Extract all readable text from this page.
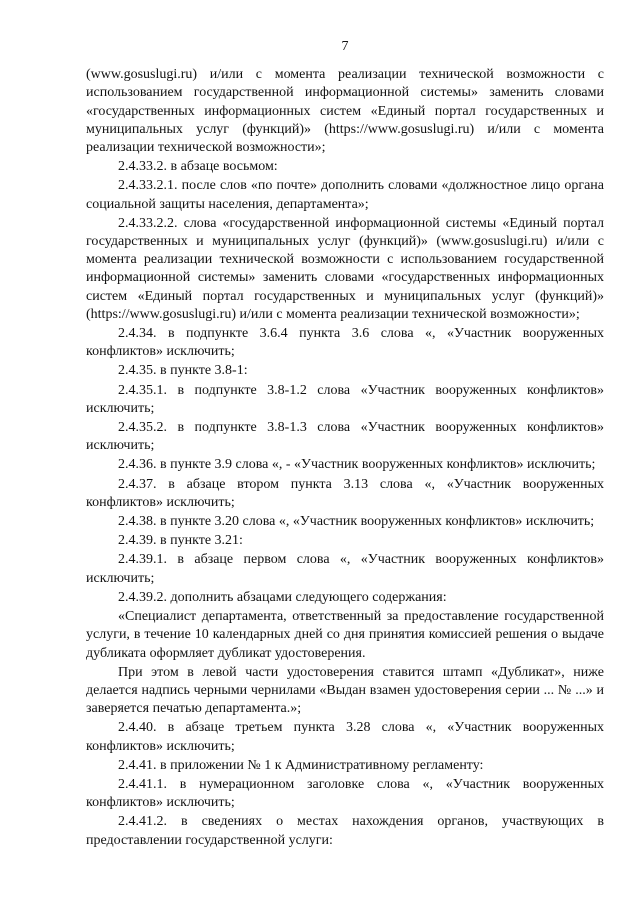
7

(www.gosuslugi.ru) и/или с момента реализации технической возможности с использованием государственной информационной системы» заменить словами «государственных информационных систем «Единый портал государственных и муниципальных услуг (функций)» (https://www.gosuslugi.ru) и/или с момента реализации технической возможности»;

2.4.33.2. в абзаце восьмом:

2.4.33.2.1. после слов «по почте» дополнить словами «должностное лицо органа социальной защиты населения, департамента»;

2.4.33.2.2. слова «государственной информационной системы «Единый портал государственных и муниципальных услуг (функций)» (www.gosuslugi.ru) и/или с момента реализации технической возможности с использованием государственной информационной системы» заменить словами «государственных информационных систем «Единый портал государственных и муниципальных услуг (функций)» (https://www.gosuslugi.ru) и/или с момента реализации технической возможности»;

2.4.34. в подпункте 3.6.4 пункта 3.6 слова «, «Участник вооруженных конфликтов» исключить;

2.4.35. в пункте 3.8-1:

2.4.35.1. в подпункте 3.8-1.2 слова «Участник вооруженных конфликтов» исключить;

2.4.35.2. в подпункте 3.8-1.3 слова «Участник вооруженных конфликтов» исключить;

2.4.36. в пункте 3.9 слова «, - «Участник вооруженных конфликтов» исключить;

2.4.37. в абзаце втором пункта 3.13 слова «, «Участник вооруженных конфликтов» исключить;

2.4.38. в пункте 3.20 слова «, «Участник вооруженных конфликтов» исключить;

2.4.39. в пункте 3.21:

2.4.39.1. в абзаце первом слова «, «Участник вооруженных конфликтов» исключить;

2.4.39.2. дополнить абзацами следующего содержания:

«Специалист департамента, ответственный за предоставление государственной услуги, в течение 10 календарных дней со дня принятия комиссией решения о выдаче дубликата оформляет дубликат удостоверения.

При этом в левой части удостоверения ставится штамп «Дубликат», ниже делается надпись черными чернилами «Выдан взамен удостоверения серии ... № ...» и заверяется печатью департамента.»;

2.4.40. в абзаце третьем пункта 3.28 слова «, «Участник вооруженных конфликтов» исключить;

2.4.41. в приложении № 1 к Административному регламенту:

2.4.41.1. в нумерационном заголовке слова «, «Участник вооруженных конфликтов» исключить;

2.4.41.2. в сведениях о местах нахождения органов, участвующих в предоставлении государственной услуги:
